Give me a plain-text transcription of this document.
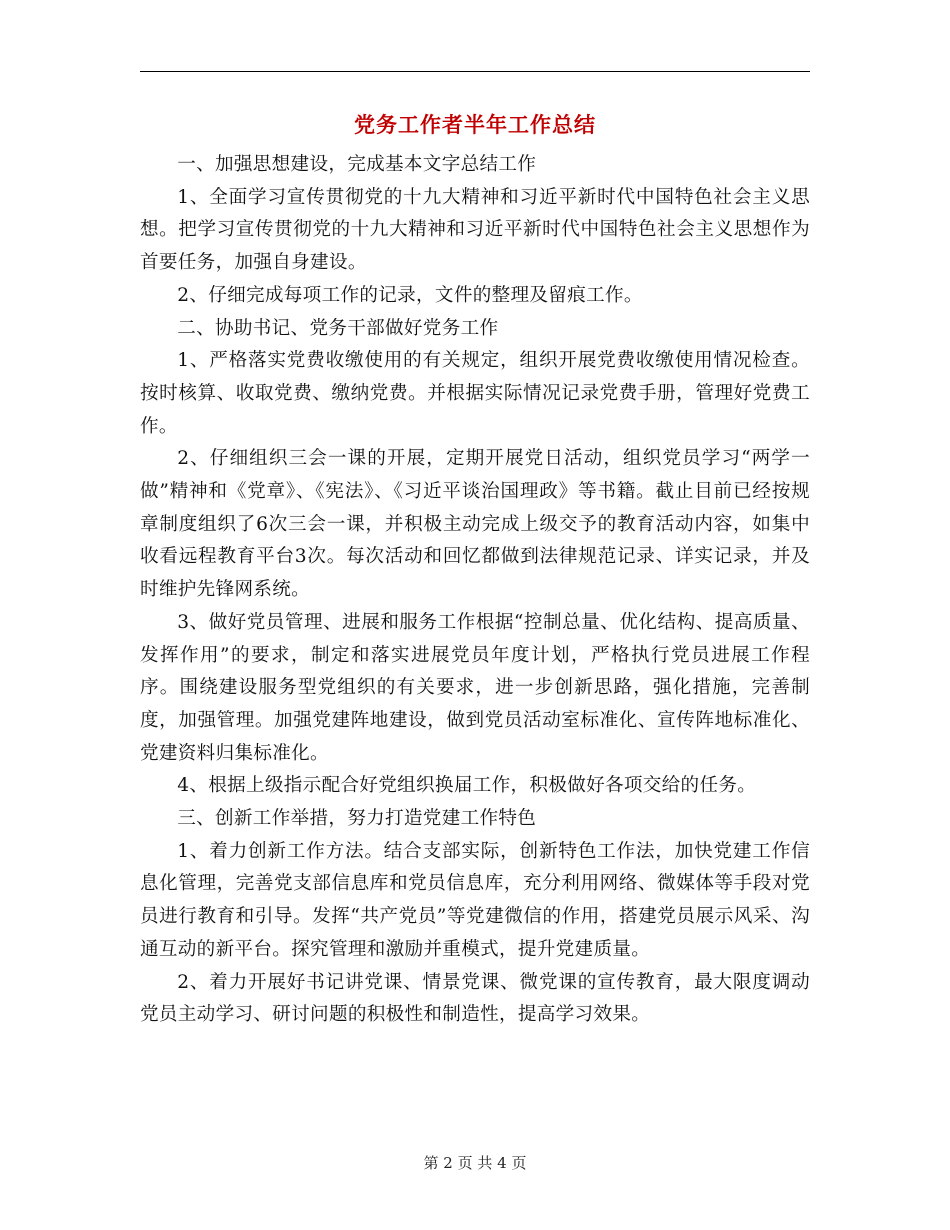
党务工作者半年工作总结

一、加强思想建设，完成基本文字总结工作

1、全面学习宣传贯彻党的十九大精神和习近平新时代中国特色社会主义思想。把学习宣传贯彻党的十九大精神和习近平新时代中国特色社会主义思想作为首要任务，加强自身建设。

2、仔细完成每项工作的记录，文件的整理及留痕工作。

二、协助书记、党务干部做好党务工作

1、严格落实党费收缴使用的有关规定，组织开展党费收缴使用情况检查。按时核算、收取党费、缴纳党费。并根据实际情况记录党费手册，管理好党费工作。

2、仔细组织三会一课的开展，定期开展党日活动，组织党员学习“两学一做”精神和《党章》、《宪法》、《习近平谈治国理政》等书籍。截止目前已经按规章制度组织了6次三会一课，并积极主动完成上级交予的教育活动内容，如集中收看远程教育平台3次。每次活动和回忆都做到法律规范记录、详实记录，并及时维护先锋网系统。

3、做好党员管理、进展和服务工作根据“控制总量、优化结构、提高质量、发挥作用”的要求，制定和落实进展党员年度计划，严格执行党员进展工作程序。围绕建设服务型党组织的有关要求，进一步创新思路，强化措施，完善制度，加强管理。加强党建阵地建设，做到党员活动室标准化、宣传阵地标准化、党建资料归集标准化。

4、根据上级指示配合好党组织换届工作，积极做好各项交给的任务。

三、创新工作举措，努力打造党建工作特色

1、着力创新工作方法。结合支部实际，创新特色工作法，加快党建工作信息化管理，完善党支部信息库和党员信息库，充分利用网络、微媒体等手段对党员进行教育和引导。发挥“共产党员”等党建微信的作用，搭建党员展示风采、沟通互动的新平台。探究管理和激励并重模式，提升党建质量。

2、着力开展好书记讲党课、情景党课、微党课的宣传教育，最大限度调动党员主动学习、研讨问题的积极性和制造性，提高学习效果。

第 2 页 共 4 页
